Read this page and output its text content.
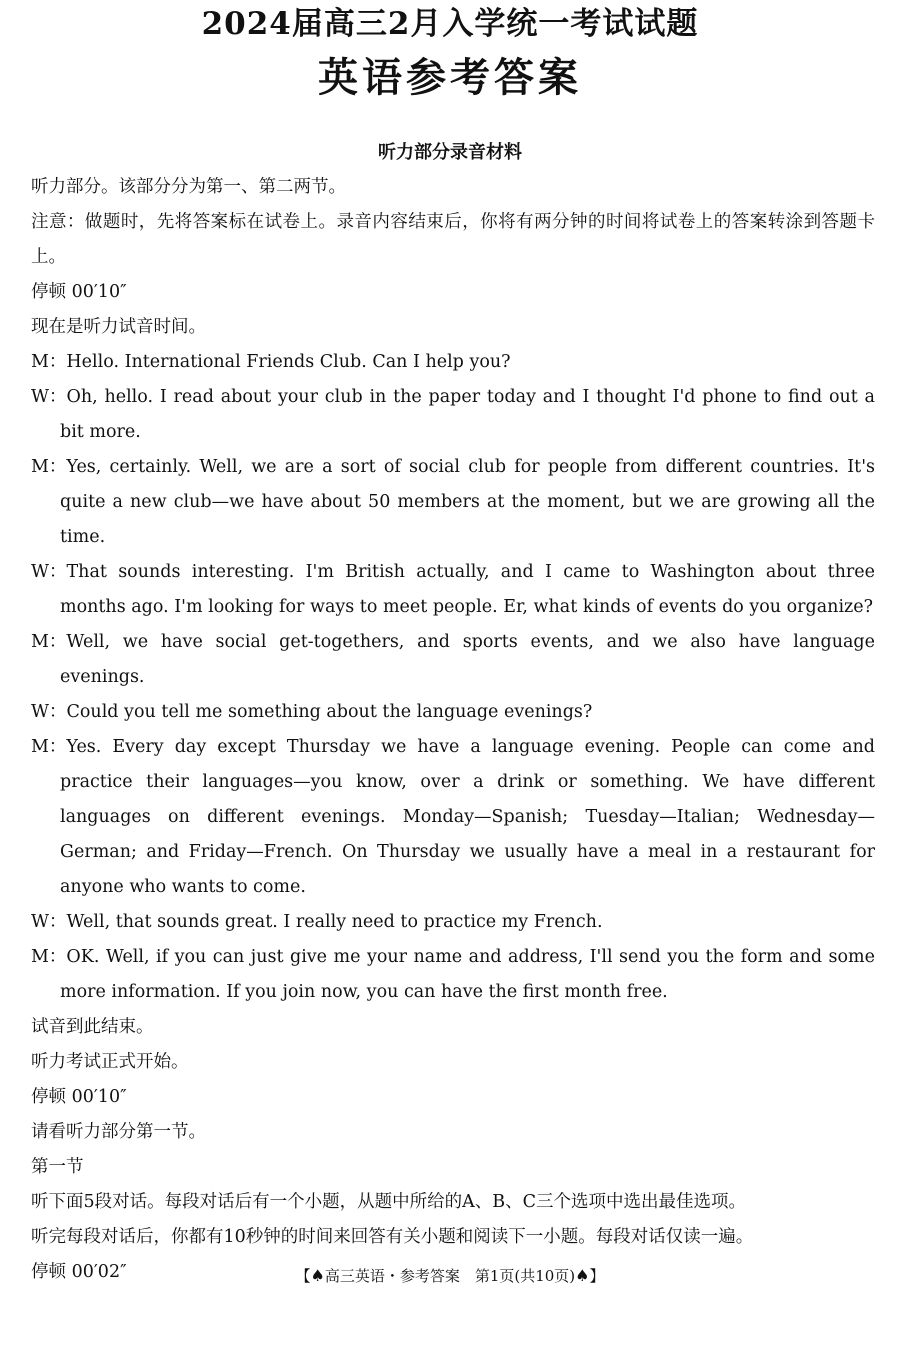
2024届高三2月入学统一考试试题
英语参考答案
听力部分录音材料

听力部分。该部分分为第一、第二两节。

注意：做题时，先将答案标在试卷上。录音内容结束后，你将有两分钟的时间将试卷上的答案转涂到答题卡上。

停顿 00′10″

现在是听力试音时间。

M：Hello. International Friends Club. Can I help you?

W：Oh, hello. I read about your club in the paper today and I thought I'd phone to find out a bit more.

M：Yes, certainly. Well, we are a sort of social club for people from different countries. It's quite a new club—we have about 50 members at the moment, but we are growing all the time.

W：That sounds interesting. I'm British actually, and I came to Washington about three months ago. I'm looking for ways to meet people. Er, what kinds of events do you organize?

M：Well, we have social get-togethers, and sports events, and we also have language evenings.

W：Could you tell me something about the language evenings?

M：Yes. Every day except Thursday we have a language evening. People can come and practice their languages—you know, over a drink or something. We have different languages on different evenings. Monday—Spanish; Tuesday—Italian; Wednesday—German; and Friday—French. On Thursday we usually have a meal in a restaurant for anyone who wants to come.

W：Well, that sounds great. I really need to practice my French.

M：OK. Well, if you can just give me your name and address, I'll send you the form and some more information. If you join now, you can have the first month free.

试音到此结束。

听力考试正式开始。

停顿 00′10″

请看听力部分第一节。

第一节

听下面5段对话。每段对话后有一个小题，从题中所给的A、B、C三个选项中选出最佳选项。

听完每段对话后，你都有10秒钟的时间来回答有关小题和阅读下一小题。每段对话仅读一遍。

停顿 00′02″	【♠高三英语・参考答案　第1页(共10页)♠】
